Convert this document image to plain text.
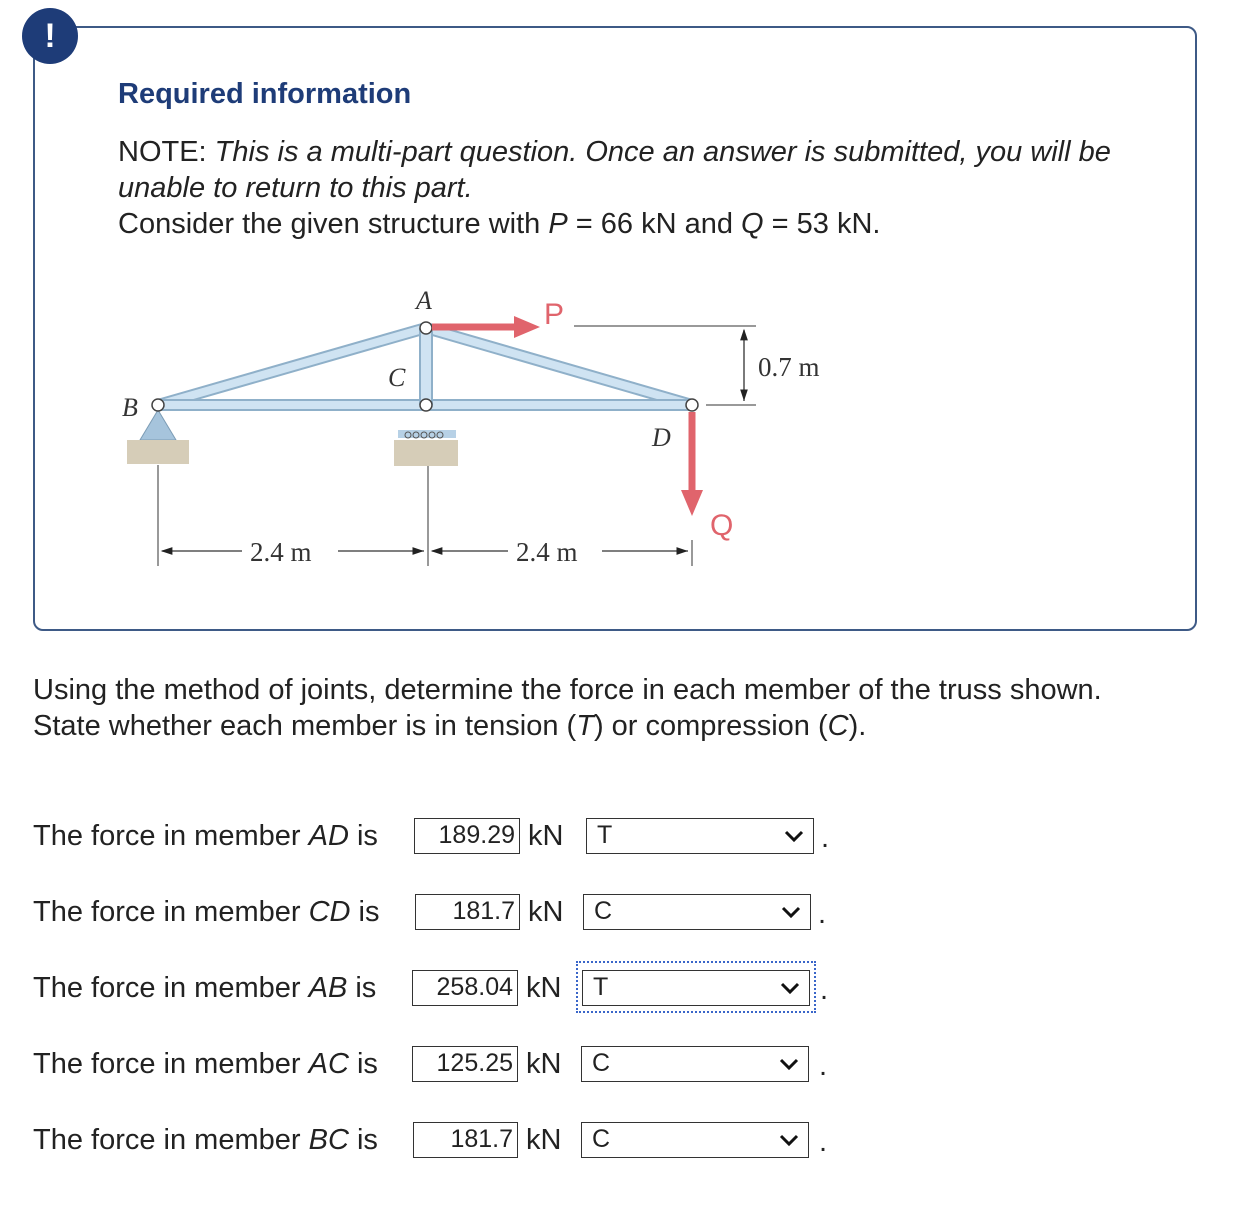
!
Required information
NOTE: This is a multi-part question. Once an answer is submitted, you will be unable to return to this part.
Consider the given structure with P = 66 kN and Q = 53 kN.
A
B
C
D
P
Q
0.7 m
2.4 m	2.4 m
Using the method of joints, determine the force in each member of the truss shown.
State whether each member is in tension (T) or compression (C).
The force in member AD is	189.29 kN T	.
The force in member CD is	181.7 kN C	.
The force in member AB is	258.04 kN T	.
The force in member AC is	125.25 kN C	.
The force in member BC is	181.7 kN C	.
